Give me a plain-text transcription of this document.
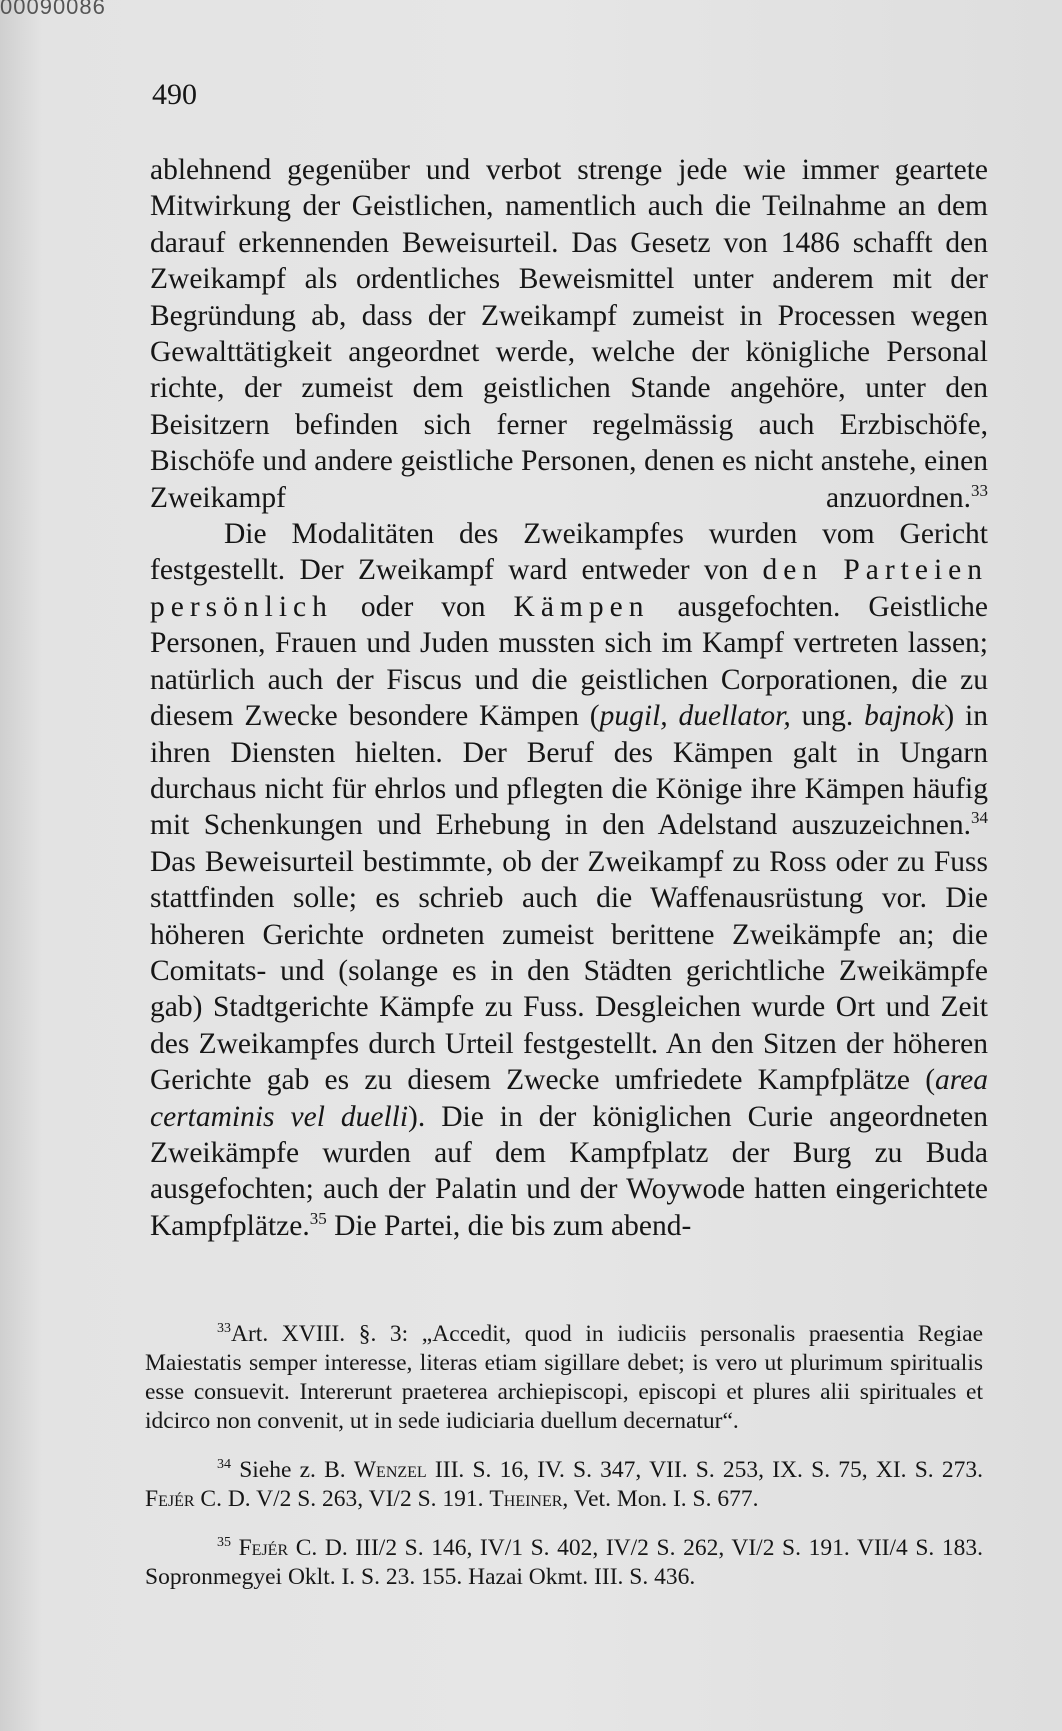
00090086
490

ablehnend gegenüber und verbot strenge jede wie immer geartete Mitwirkung der Geistlichen, namentlich auch die Teilnahme an dem darauf erkennenden Beweisurteil. Das Gesetz von 1486 schafft den Zweikampf als ordentliches Beweismittel unter anderem mit der Begründung ab, dass der Zweikampf zumeist in Processen wegen Gewalttätigkeit angeordnet werde, welche der königliche Personal richte, der zumeist dem geistlichen Stande angehöre, unter den Beisitzern befinden sich ferner regelmässig auch Erzbischöfe, Bischöfe und andere geistliche Personen, denen es nicht anstehe, einen Zweikampf anzuordnen.$^{33}$

Die Modalitäten des Zweikampfes wurden vom Gericht festgestellt. Der Zweikampf ward entweder von den Parteien persönlich oder von Kämpen ausgefochten. Geistliche Personen, Frauen und Juden mussten sich im Kampf vertreten lassen; natürlich auch der Fiscus und die geistlichen Corporationen, die zu diesem Zwecke besondere Kämpen (pugil, duellator, ung. bajnok) in ihren Diensten hielten. Der Beruf des Kämpen galt in Ungarn durchaus nicht für ehrlos und pflegten die Könige ihre Kämpen häufig mit Schenkungen und Erhebung in den Adelstand auszuzeichnen.$^{34}$ Das Beweisurteil bestimmte, ob der Zweikampf zu Ross oder zu Fuss stattfinden solle; es schrieb auch die Waffenausrüstung vor. Die höheren Gerichte ordneten zumeist berittene Zweikämpfe an; die Comitats- und (solange es in den Städten gerichtliche Zweikämpfe gab) Stadtgerichte Kämpfe zu Fuss. Desgleichen wurde Ort und Zeit des Zweikampfes durch Urteil festgestellt. An den Sitzen der höheren Gerichte gab es zu diesem Zwecke umfriedete Kampfplätze (area certaminis vel duelli). Die in der königlichen Curie angeordneten Zweikämpfe wurden auf dem Kampfplatz der Burg zu Buda ausgefochten; auch der Palatin und der Woywode hatten eingerichtete Kampfplätze.$^{35}$ Die Partei, die bis zum abend-

$^{33}$Art. XVIII. §. 3: „Accedit, quod in iudiciis personalis praesentia Regiae Maiestatis semper interesse, literas etiam sigillare debet; is vero ut plurimum spiritualis esse consuevit. Intererunt praeterea archiepiscopi, episcopi et plures alii spirituales et idcirco non convenit, ut in sede iudiciaria duellum decernatur“.
$^{34}$ Siehe z. B. Wenzel III. S. 16, IV. S. 347, VII. S. 253, IX. S. 75, XI. S. 273. Fejér C. D. V/2 S. 263, VI/2 S. 191. Theiner, Vet. Mon. I. S. 677.
$^{35}$ Fejér C. D. III/2 S. 146, IV/1 S. 402, IV/2 S. 262, VI/2 S. 191. VII/4 S. 183. Sopronmegyei Oklt. I. S. 23. 155. Hazai Okmt. III. S. 436.
